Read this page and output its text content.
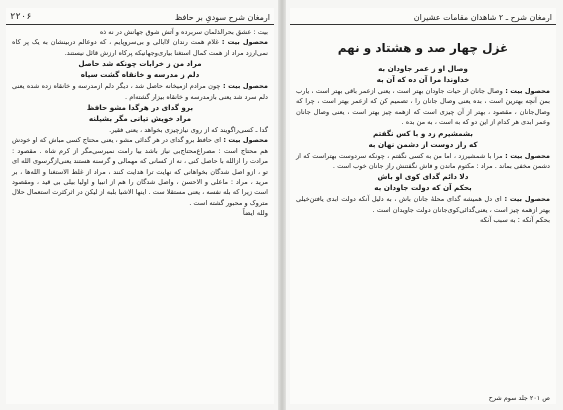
ارمغان شرح سودیِ بر حافظ
۲۲۰۶

بیت : عشق بحرالذلمان سربرده و آتش شوق جهانش در نه ذه

محصول بیت : غلام همت رندان لاابالی و بی‌سروپایم ، که دوعالم دربینشان به یک پر کاه نمی‌ارزد مراد از همت کمال استغنا بیاری‌وجهانیکه پرکاه ارزش قائل نیستند.

مراد من ز خرابات چونکه شد حاصل
دلم ز مدرسه و خانقاه گشت سیاه

محصول بیت : چون مرادم ازمیخانه حاصل شد ، دیگر دلم ازمدرسه و خانقاه زده شده یعنی دلم سرد شد یعنی بازمدرسه و خانقاه بیزار گشته‌ام .

برو گدای در هرگدا مشو حافظ
مراد خویش تیانی مگر بشیلنه

گدا ـ کسی‌راگویند که از روی نیازچیزی بخواهد ، یعنی فقیر.

محصول بیت : ای حافظ برو گدای در هر گدائی مشو ، یعنی محتاج کسی مباش که او خودش هم محتاج است : مصراع‌محتاج‌بی نیاز باشد بیا رامت نمیرسی‌مگر از کرم شاه . مقصود : مرادت را ازالله با حاصل کنی ، نه از کسانی که مهمالی و گرسنه هستند یعنی‌ازگرسوی الله ای تو ، ازو اصل شدگان بخواهانی که نهایت ترا هدایت کنند ، مراد از غلط الاستغنا و الله‌ها ، بر مرید ، مراد : ماعلی و الاحسن ، واصل شدگان را هم از انبیا و اولیا بیلی بی قید ، ومقصود است زیرا که بله نفسه ، یعنی مستقلا ست . اینها الاشیا بلبه از لیکن در اثرکثرت استعمال حلال متروک و محبور گشته است .

ولله ایضاً
ارمغان شرح ـ ۲ شاهدان مقامات عشیران
غزل چهار صد و هشتاد و نهم
وصال او ز عمر جاودان به
خداوندا مرا آن ده که آن به

محصول بیت : وصال جانان از حیات جاودان بهتر است ، یعنی ازعمر باقی بهتر است ، یارب بمن آنچه بهترین است ، بده یعنی وصال جانان را ، تصمیم کن که ازعمر بهتر است ، چرا که وصال‌جانان ، مقصود ، بهتر از آن چیزی است که ازهمه چیز بهتر است ، یعنی وصال جانان وعمر ابدی هر کدام از این دو که به است ، به من بده .

بشمشیرم زد و با کس نگفتم
که راز دوست از دشمن نهان به

محصول بیت : مرا با شمشیرزد ، اما من به کسی نگفتم ، چونکه سردوست بهتراست که از دشمن مخفی بماند . مراد : مکتوم ماندن و فاش نگفتنش راز جانان خوب است .

دلا دائم گدای کوی او باش
بحکم آن که دولت جاودان به

محصول بیت : ای دل همیشه گدای محلهٔ جانان باش ، به دلیل آنکه دولت ابدی یافتن‌خیلی بهتر ازهمه چیز است ، یعنی‌گدائی‌کوی‌جانان دولت جاویدان است .

بحکم آنکه : به سبب آنکه
ص ۲۰۱ جلد سوم شرح
